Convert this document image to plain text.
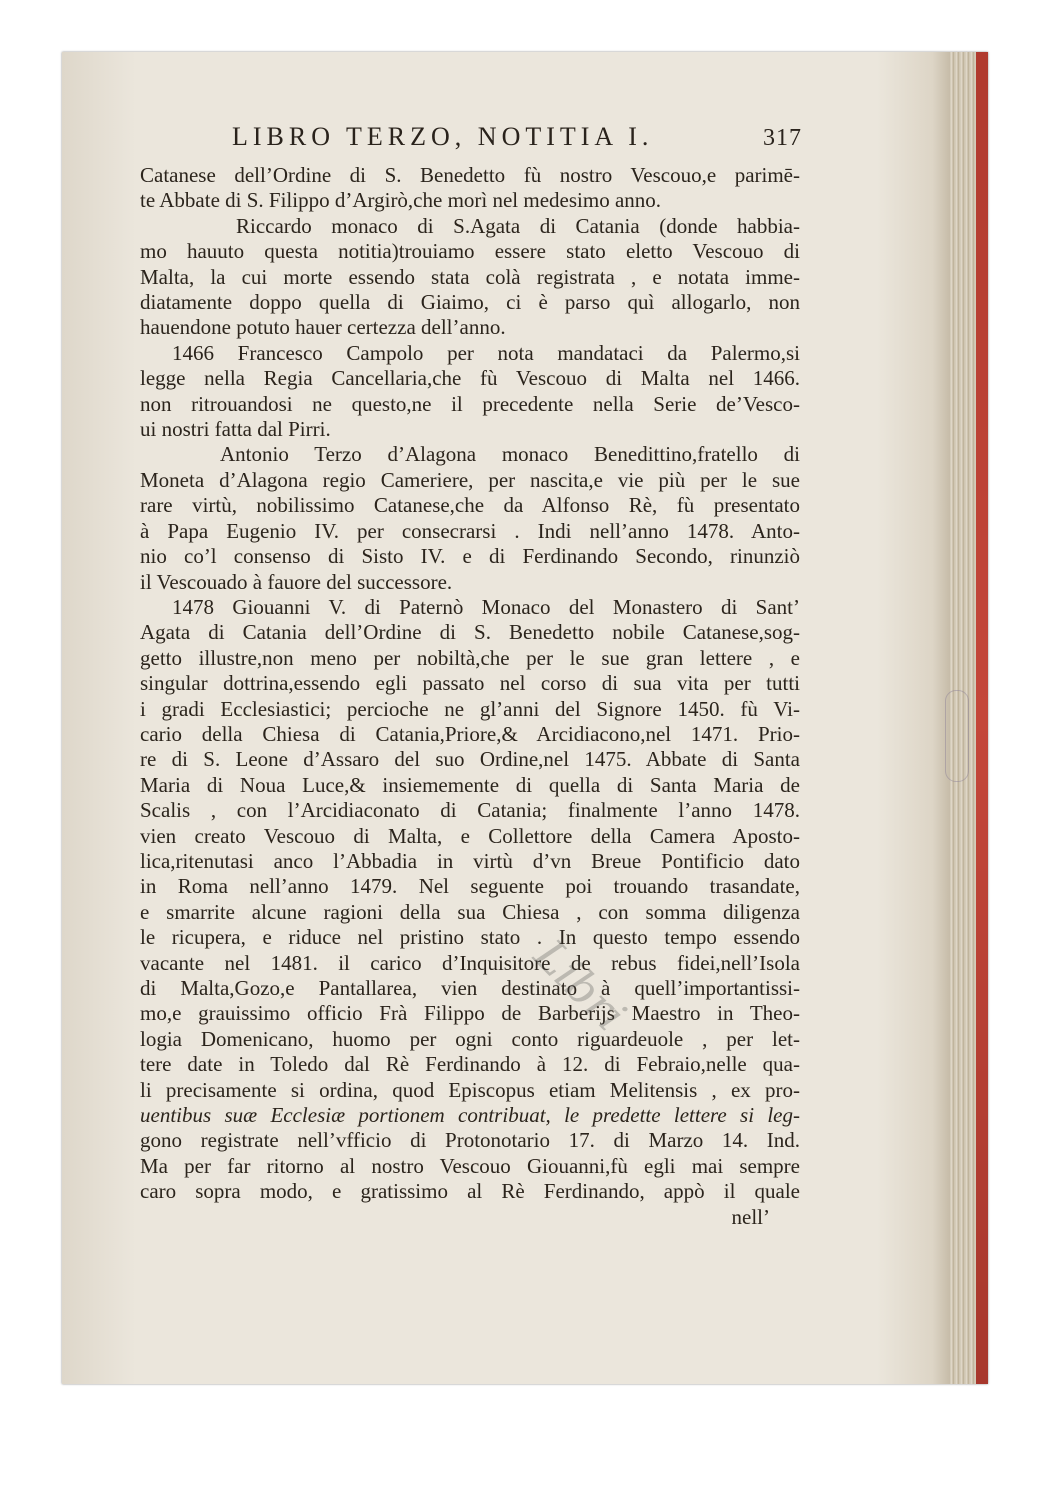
LIBRO TERZO, NOTITIA I.	317
Catanese dell’Ordine di S. Benedetto fù nostro Vescouo,e parimē-
te Abbate di S. Filippo d’Argirò,che morì nel medesimo anno.
Riccardo monaco di S.Agata di Catania (donde habbia-
mo hauuto questa notitia)trouiamo essere stato eletto Vescouo di
Malta, la cui morte essendo stata colà registrata , e notata imme-
diatamente doppo quella di Giaimo, ci è parso quì allogarlo, non
hauendone potuto hauer certezza dell’anno.
1466 Francesco Campolo per nota mandataci da Palermo,si
legge nella Regia Cancellaria,che fù Vescouo di Malta nel 1466.
non ritrouandosi ne questo,ne il precedente nella Serie de’Vesco-
ui nostri fatta dal Pirri.
Antonio Terzo d’Alagona monaco Benedittino,fratello di
Moneta d’Alagona regio Cameriere, per nascita,e vie più per le sue
rare virtù, nobilissimo Catanese,che da Alfonso Rè, fù presentato
à Papa Eugenio IV. per consecrarsi . Indi nell’anno 1478. Anto-
nio co’l consenso di Sisto IV. e di Ferdinando Secondo, rinunziò
il Vescouado à fauore del successore.
1478 Giouanni V. di Paternò Monaco del Monastero di Sant’
Agata di Catania dell’Ordine di S. Benedetto nobile Catanese,sog-
getto illustre,non meno per nobiltà,che per le sue gran lettere , e
singular dottrina,essendo egli passato nel corso di sua vita per tutti
i gradi Ecclesiastici; percioche ne gl’anni del Signore 1450. fù Vi-
cario della Chiesa di Catania,Priore,& Arcidiacono,nel 1471. Prio-
re di S. Leone d’Assaro del suo Ordine,nel 1475. Abbate di Santa
Maria di Noua Luce,& insiememente di quella di Santa Maria de
Scalis , con l’Arcidiaconato di Catania; finalmente l’anno 1478.
vien creato Vescouo di Malta, e Collettore della Camera Aposto-
lica,ritenutasi anco l’Abbadia in virtù d’vn Breue Pontificio dato
in Roma nell’anno 1479. Nel seguente poi trouando trasandate,
e smarrite alcune ragioni della sua Chiesa , con somma diligenza
le ricupera, e riduce nel pristino stato . In questo tempo essendo
vacante nel 1481. il carico d’Inquisitore de rebus fidei,nell’Isola
di Malta,Gozo,e Pantallarea, vien destinato à quell’importantissi-
mo,e grauissimo officio Frà Filippo de Barberijs Maestro in Theo-
logia Domenicano, huomo per ogni conto riguardeuole , per let-
tere date in Toledo dal Rè Ferdinando à 12. di Febraio,nelle qua-
li precisamente si ordina, quod Episcopus etiam Melitensis , ex pro-
uentibus suæ Ecclesiæ portionem contribuat, le predette lettere si leg-
gono registrate nell’vfficio di Protonotario 17. di Marzo 14. Ind.
Ma per far ritorno al nostro Vescouo Giouanni,fù egli mai sempre
caro sopra modo, e gratissimo al Rè Ferdinando, appò il quale
nell’
Libri
